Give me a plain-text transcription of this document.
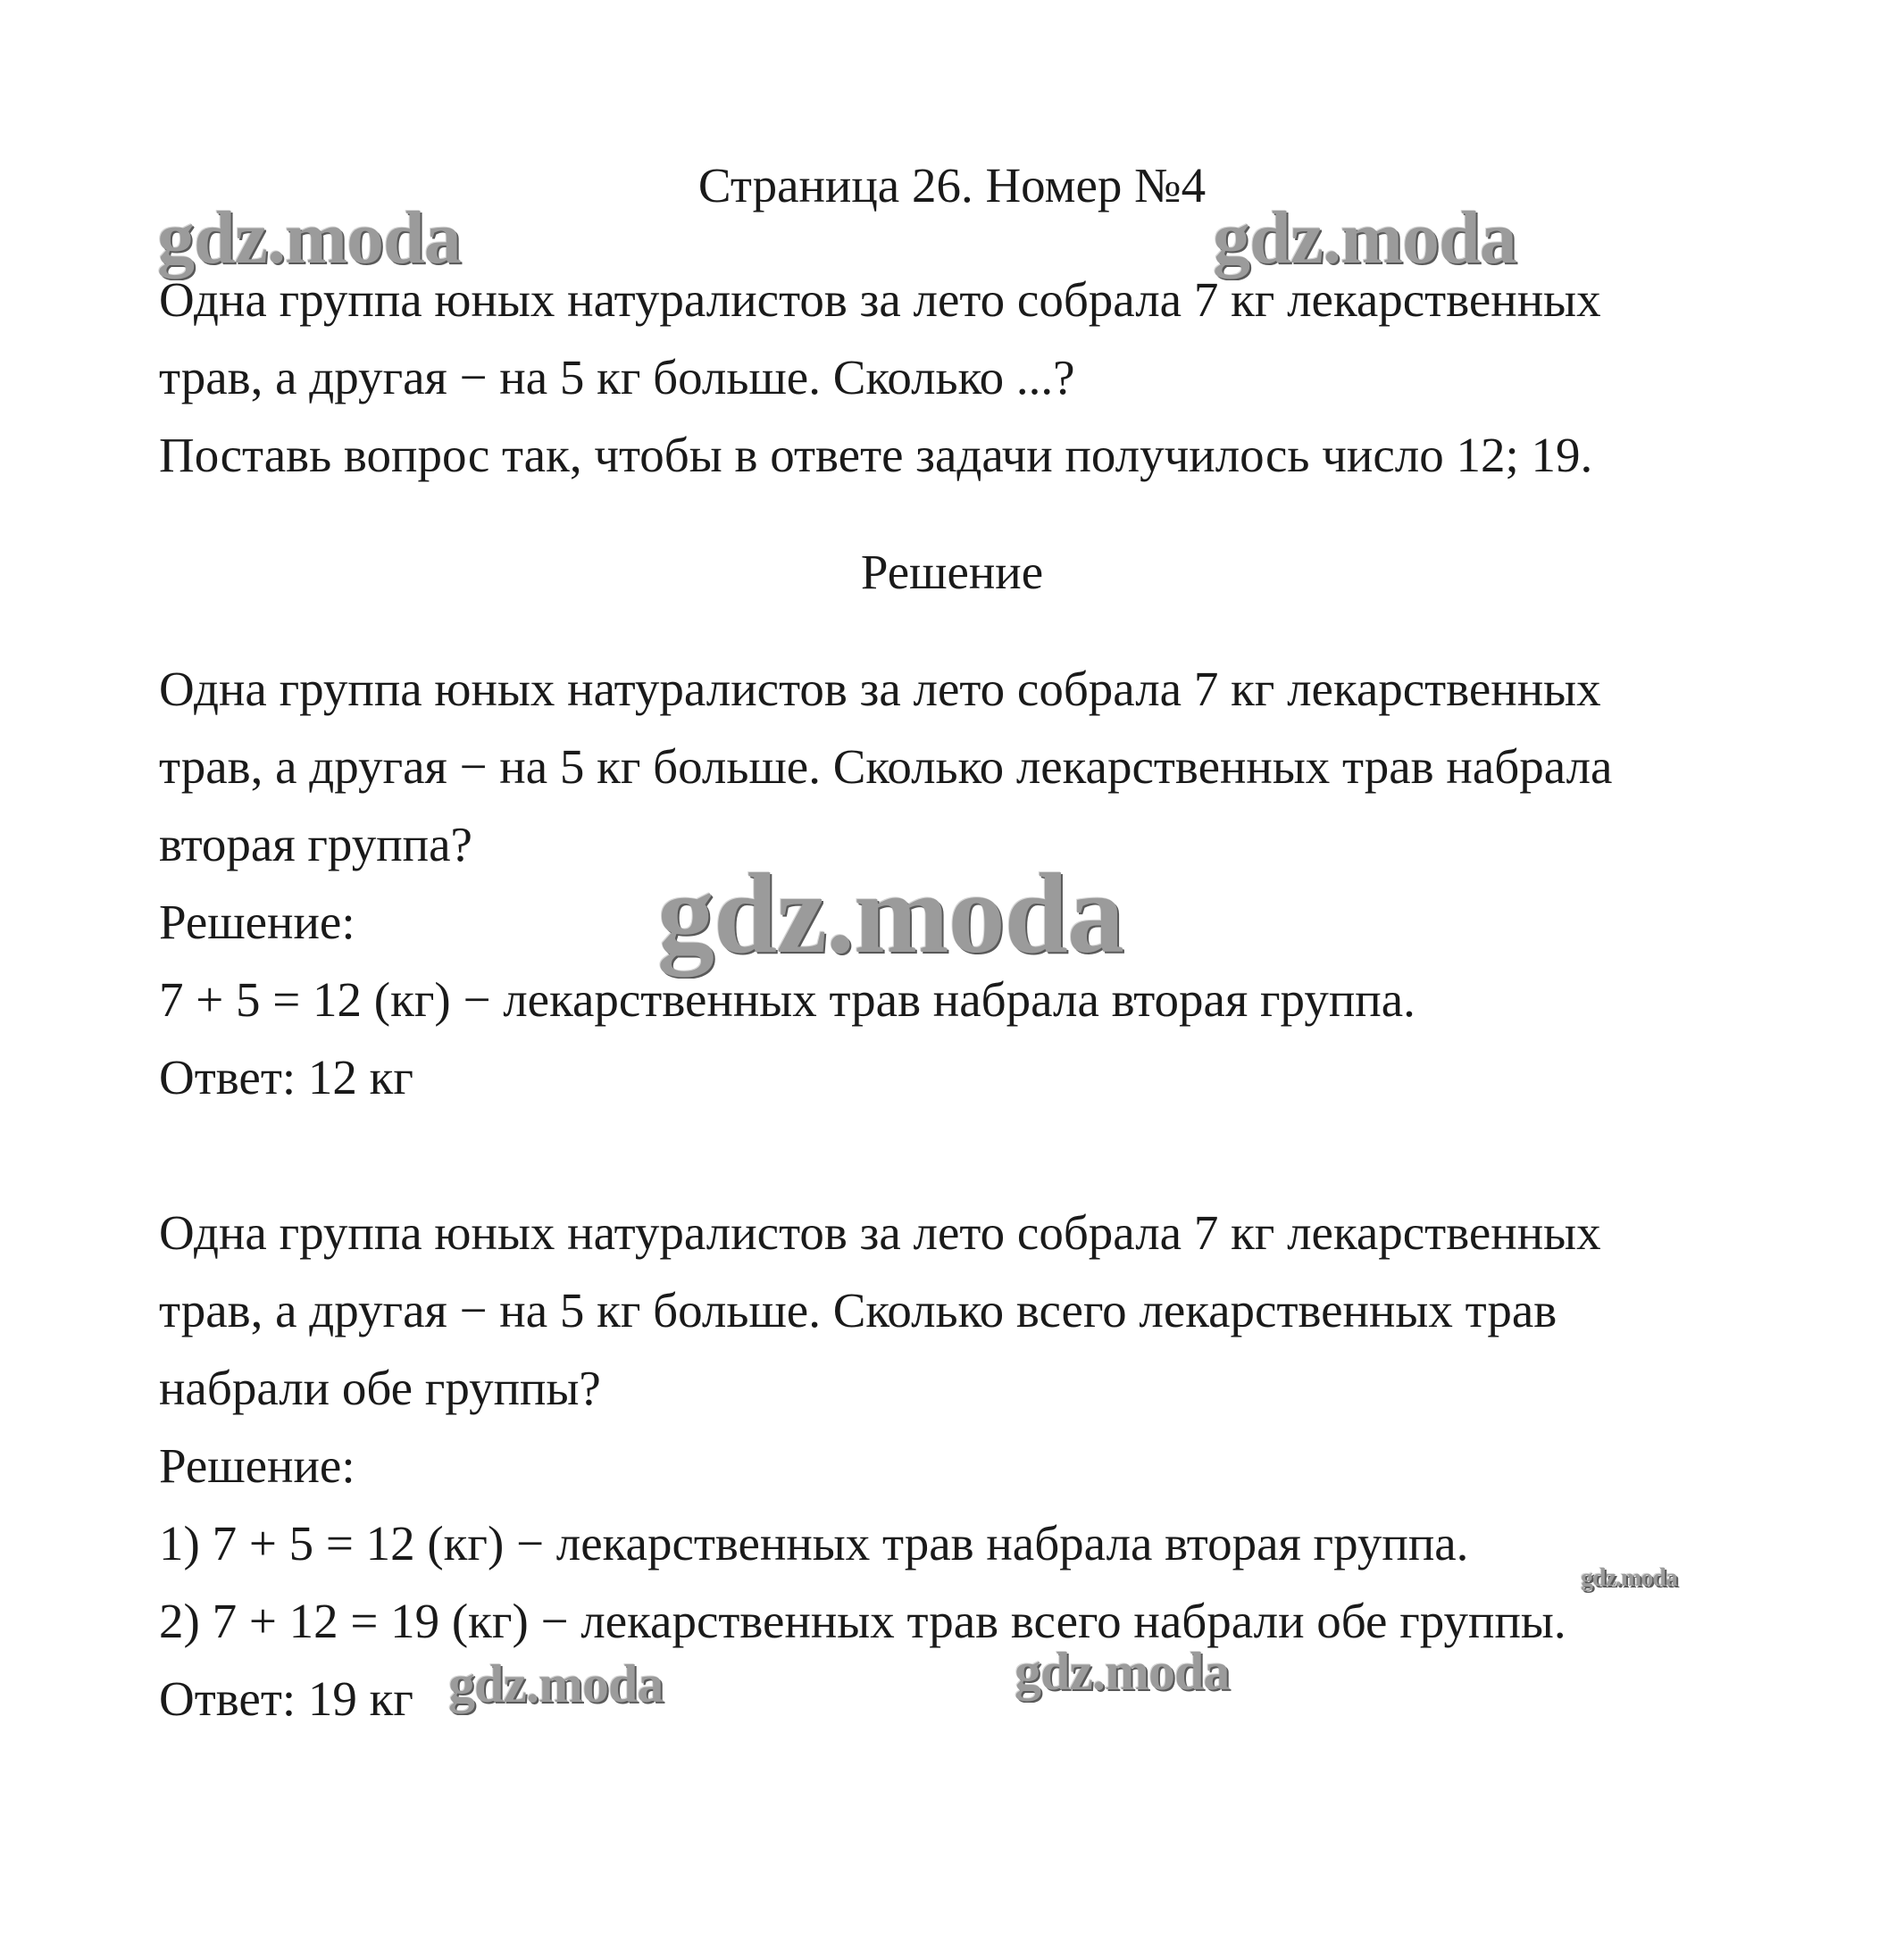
Страница 26. Номер №4

Одна группа юных натуралистов за лето собрала 7 кг лекарственных

трав, а другая − на 5 кг больше. Сколько ...?

Поставь вопрос так, чтобы в ответе задачи получилось число 12; 19.

Решение

Одна группа юных натуралистов за лето собрала 7 кг лекарственных

трав, а другая − на 5 кг больше. Сколько лекарственных трав набрала

вторая группа?

Решение:

7 + 5 = 12 (кг) − лекарственных трав набрала вторая группа.

Ответ: 12 кг

Одна группа юных натуралистов за лето собрала 7 кг лекарственных

трав, а другая − на 5 кг больше. Сколько всего лекарственных трав

набрали обе группы?

Решение:

1) 7 + 5 = 12 (кг) − лекарственных трав набрала вторая группа.

2) 7 + 12 = 19 (кг) − лекарственных трав всего набрали обе группы.

Ответ: 19 кг

gdz.moda	gdz.moda
gdz.moda
gdz.moda
gdz.moda
gdz.moda
